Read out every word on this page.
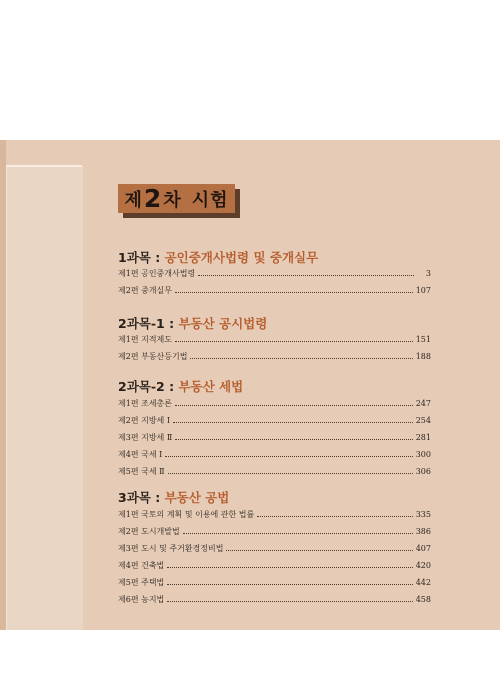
제 2 차 시험
1과목 : 공인중개사법령 및 중개실무
제1편 공인중개사법령	3
제2편 중개실무	107
2과목-1 : 부동산 공시법령
제1편 지적제도	151
제2편 부동산등기법	188
2과목-2 : 부동산 세법
제1편 조세총론	247
제2편 지방세 Ⅰ	254
제3편 지방세 Ⅱ	281
제4편 국세 Ⅰ	300
제5편 국세 Ⅱ	306
3과목 : 부동산 공법
제1편 국토의 계획 및 이용에 관한 법률	335
제2편 도시개발법	386
제3편 도시 및 주거환경정비법	407
제4편 건축법	420
제5편 주택법	442
제6편 농지법	458
